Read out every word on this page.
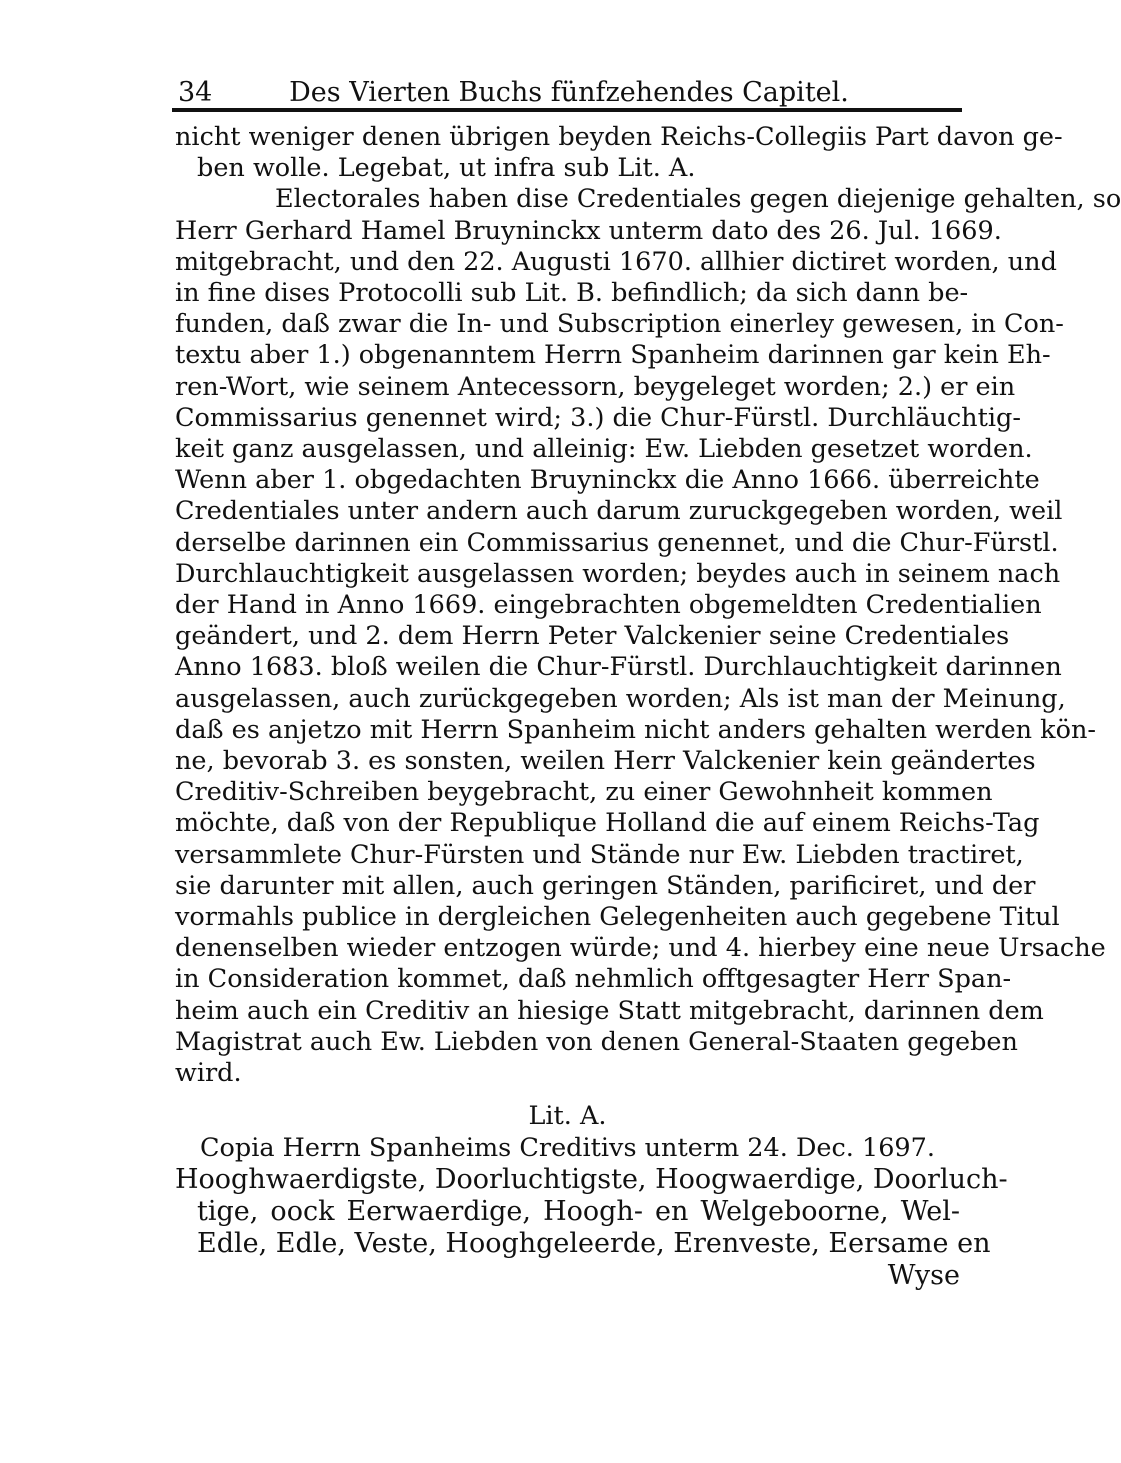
34	Des Vierten Buchs fünfzehendes Capitel.
nicht weniger denen übrigen beyden Reichs-Collegiis Part davon ge-
ben wolle. Legebat, ut infra sub Lit. A.
Electorales haben dise Credentiales gegen diejenige gehalten, so
Herr Gerhard Hamel Bruyninckx unterm dato des 26. Jul. 1669.
mitgebracht, und den 22. Augusti 1670. allhier dictiret worden, und
in fine dises Protocolli sub Lit. B. befindlich; da sich dann be-
funden, daß zwar die In- und Subscription einerley gewesen, in Con-
textu aber 1.) obgenanntem Herrn Spanheim darinnen gar kein Eh-
ren-Wort, wie seinem Antecessorn, beygeleget worden; 2.) er ein
Commissarius genennet wird; 3.) die Chur-Fürstl. Durchläuchtig-
keit ganz ausgelassen, und alleinig: Ew. Liebden gesetzet worden.
Wenn aber 1. obgedachten Bruyninckx die Anno 1666. überreichte
Credentiales unter andern auch darum zuruckgegeben worden, weil
derselbe darinnen ein Commissarius genennet, und die Chur-Fürstl.
Durchlauchtigkeit ausgelassen worden; beydes auch in seinem nach
der Hand in Anno 1669. eingebrachten obgemeldten Credentialien
geändert, und 2. dem Herrn Peter Valckenier seine Credentiales
Anno 1683. bloß weilen die Chur-Fürstl. Durchlauchtigkeit darinnen
ausgelassen, auch zurückgegeben worden; Als ist man der Meinung,
daß es anjetzo mit Herrn Spanheim nicht anders gehalten werden kön-
ne, bevorab 3. es sonsten, weilen Herr Valckenier kein geändertes
Creditiv-Schreiben beygebracht, zu einer Gewohnheit kommen
möchte, daß von der Republique Holland die auf einem Reichs-Tag
versammlete Chur-Fürsten und Stände nur Ew. Liebden tractiret,
sie darunter mit allen, auch geringen Ständen, parificiret, und der
vormahls publice in dergleichen Gelegenheiten auch gegebene Titul
denenselben wieder entzogen würde; und 4. hierbey eine neue Ursache
in Consideration kommet, daß nehmlich offtgesagter Herr Span-
heim auch ein Creditiv an hiesige Statt mitgebracht, darinnen dem
Magistrat auch Ew. Liebden von denen General-Staaten gegeben
wird.
Lit. A.
Copia Herrn Spanheims Creditivs unterm 24. Dec. 1697.
Hooghwaerdigste, Doorluchtigste, Hoogwaerdige, Doorluch-
tige, oock Eerwaerdige, Hoogh- en Welgeboorne, Wel-
Edle, Edle, Veste, Hooghgeleerde, Erenveste, Eersame en
Wyse
